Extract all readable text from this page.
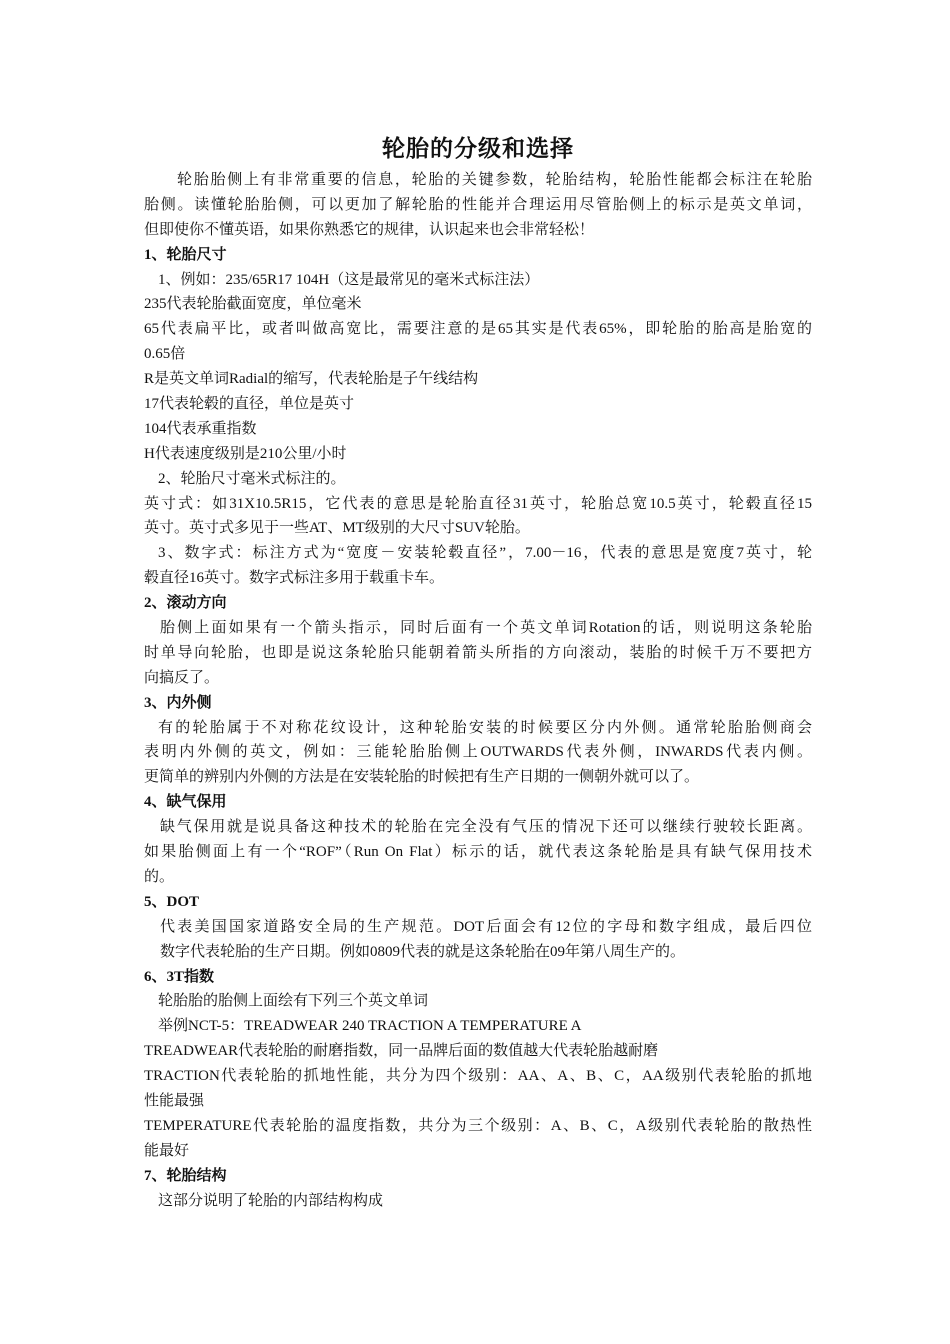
轮胎的分级和选择
轮胎胎侧上有非常重要的信息，轮胎的关键参数，轮胎结构，轮胎性能都会标注在轮胎
胎侧。读懂轮胎胎侧，可以更加了解轮胎的性能并合理运用尽管胎侧上的标示是英文单词，
但即使你不懂英语，如果你熟悉它的规律，认识起来也会非常轻松！
1、轮胎尺寸
1、例如：235/65R17 104H（这是最常见的毫米式标注法）
235代表轮胎截面宽度，单位毫米
65代表扁平比，或者叫做高宽比，需要注意的是65其实是代表65%，即轮胎的胎高是胎宽的
0.65倍
R是英文单词Radial的缩写，代表轮胎是子午线结构
17代表轮毂的直径，单位是英寸
104代表承重指数
H代表速度级别是210公里/小时
2、轮胎尺寸毫米式标注的。
英寸式：如31X10.5R15，它代表的意思是轮胎直径31英寸，轮胎总宽10.5英寸，轮毂直径15
英寸。英寸式多见于一些AT、MT级别的大尺寸SUV轮胎。
3、数字式：标注方式为“宽度－安装轮毂直径”，7.00－16，代表的意思是宽度7英寸，轮
毂直径16英寸。数字式标注多用于载重卡车。
2、滚动方向
胎侧上面如果有一个箭头指示，同时后面有一个英文单词Rotation的话，则说明这条轮胎
时单导向轮胎，也即是说这条轮胎只能朝着箭头所指的方向滚动，装胎的时候千万不要把方
向搞反了。
3、内外侧
有的轮胎属于不对称花纹设计，这种轮胎安装的时候要区分内外侧。通常轮胎胎侧商会
表明内外侧的英文，例如：三能轮胎胎侧上OUTWARDS代表外侧，INWARDS代表内侧。
更简单的辨别内外侧的方法是在安装轮胎的时候把有生产日期的一侧朝外就可以了。
4、缺气保用
缺气保用就是说具备这种技术的轮胎在完全没有气压的情况下还可以继续行驶较长距离。
如果胎侧面上有一个“ROF”（Run On Flat）标示的话，就代表这条轮胎是具有缺气保用技术
的。
5、DOT
代表美国国家道路安全局的生产规范。DOT后面会有12位的字母和数字组成，最后四位
数字代表轮胎的生产日期。例如0809代表的就是这条轮胎在09年第八周生产的。
6、3T指数
轮胎胎的胎侧上面绘有下列三个英文单词
举例NCT-5：TREADWEAR 240 TRACTION A TEMPERATURE A
TREADWEAR代表轮胎的耐磨指数，同一品牌后面的数值越大代表轮胎越耐磨
TRACTION代表轮胎的抓地性能，共分为四个级别：AA、A、B、C，AA级别代表轮胎的抓地
性能最强
TEMPERATURE代表轮胎的温度指数，共分为三个级别：A、B、C，A级别代表轮胎的散热性
能最好
7、轮胎结构
这部分说明了轮胎的内部结构构成
